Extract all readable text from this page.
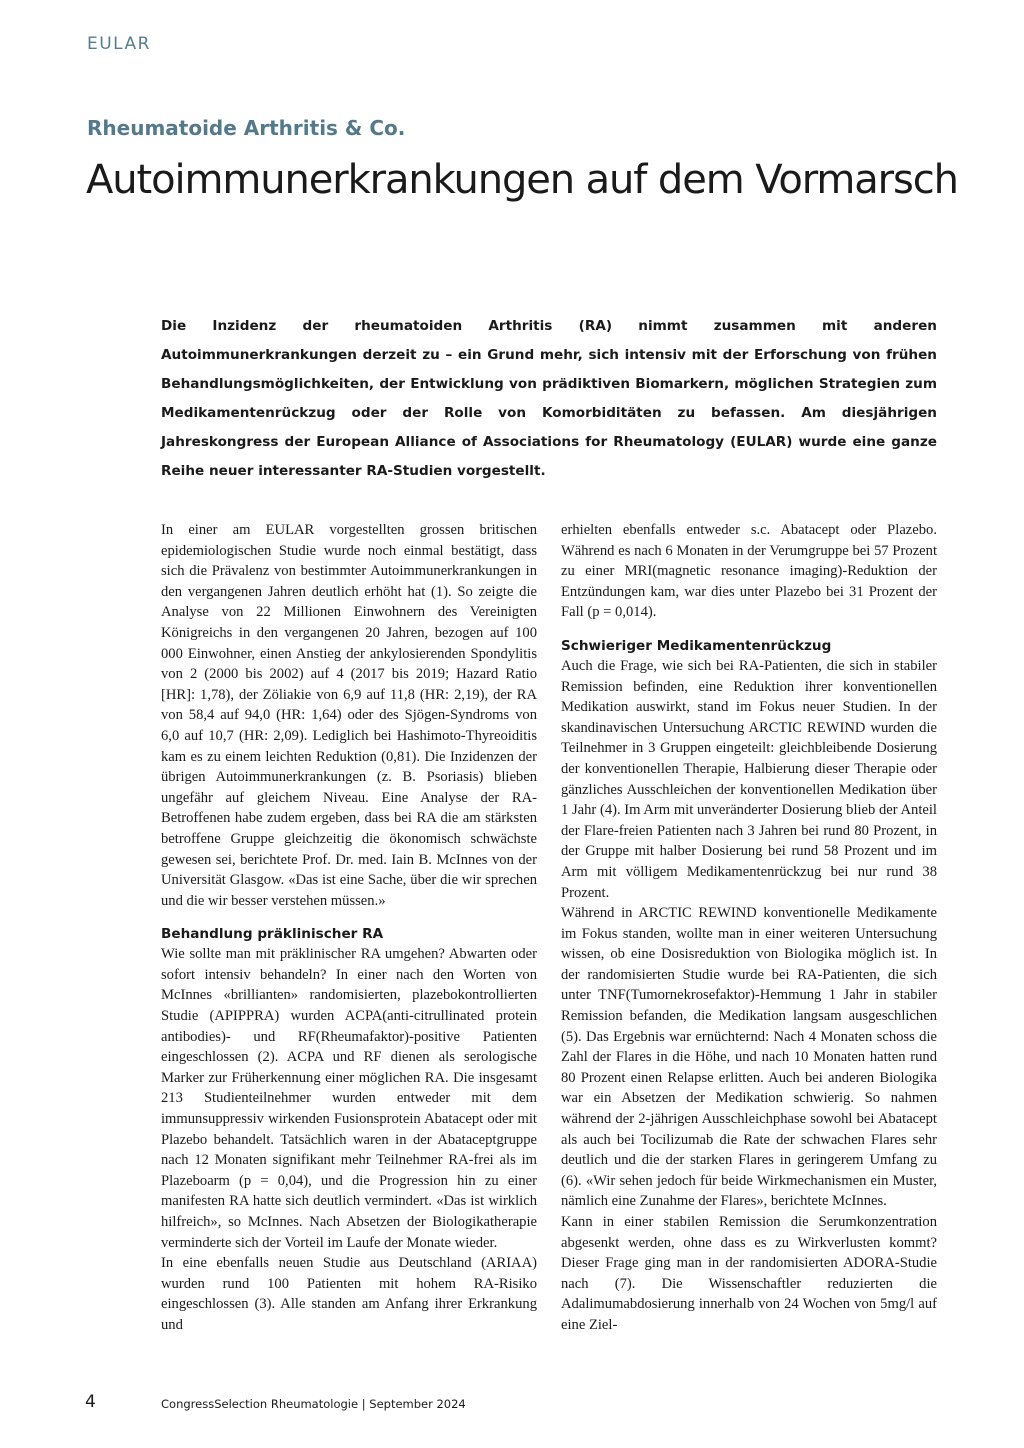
EULAR
Rheumatoide Arthritis & Co.
Autoimmunerkrankungen auf dem Vormarsch

Die Inzidenz der rheumatoiden Arthritis (RA) nimmt zusammen mit anderen Autoimmunerkrankungen derzeit zu – ein Grund mehr, sich intensiv mit der Erforschung von frühen Behandlungsmöglichkeiten, der Entwicklung von prädiktiven Biomarkern, möglichen Strategien zum Medikamentenrückzug oder der Rolle von Komorbiditäten zu befassen. Am diesjährigen Jahreskongress der European Alliance of Associations for Rheumatology (EULAR) wurde eine ganze Reihe neuer interessanter RA-Studien vorgestellt.

In einer am EULAR vorgestellten grossen britischen epidemiologischen Studie wurde noch einmal bestätigt, dass sich die Prävalenz von bestimmter Autoimmunerkrankungen in den vergangenen Jahren deutlich erhöht hat (1). So zeigte die Analyse von 22 Millionen Einwohnern des Vereinigten Königreichs in den vergangenen 20 Jahren, bezogen auf 100 000 Einwohner, einen Anstieg der ankylosierenden Spondylitis von 2 (2000 bis 2002) auf 4 (2017 bis 2019; Hazard Ratio [HR]: 1,78), der Zöliakie von 6,9 auf 11,8 (HR: 2,19), der RA von 58,4 auf 94,0 (HR: 1,64) oder des Sjögen-Syndroms von 6,0 auf 10,7 (HR: 2,09). Lediglich bei Hashimoto-Thyreoiditis kam es zu einem leichten Reduktion (0,81). Die Inzidenzen der übrigen Autoimmunerkrankungen (z. B. Psoriasis) blieben ungefähr auf gleichem Niveau. Eine Analyse der RA-Betroffenen habe zudem ergeben, dass bei RA die am stärksten betroffene Gruppe gleichzeitig die ökonomisch schwächste gewesen sei, berichtete Prof. Dr. med. Iain B. McInnes von der Universität Glasgow. «Das ist eine Sache, über die wir sprechen und die wir besser verstehen müssen.»

Behandlung präklinischer RA

Wie sollte man mit präklinischer RA umgehen? Abwarten oder sofort intensiv behandeln? In einer nach den Worten von McInnes «brillianten» randomisierten, plazebokontrollierten Studie (APIPPRA) wurden ACPA(anti-citrullinated protein antibodies)- und RF(Rheumafaktor)-positive Patienten eingeschlossen (2). ACPA und RF dienen als serologische Marker zur Früherkennung einer möglichen RA. Die insgesamt 213 Studienteilnehmer wurden entweder mit dem immunsuppressiv wirkenden Fusionsprotein Abatacept oder mit Plazebo behandelt. Tatsächlich waren in der Abataceptgruppe nach 12 Monaten signifikant mehr Teilnehmer RA-frei als im Plazeboarm (p = 0,04), und die Progression hin zu einer manifesten RA hatte sich deutlich vermindert. «Das ist wirklich hilfreich», so McInnes. Nach Absetzen der Biologikatherapie verminderte sich der Vorteil im Laufe der Monate wieder.

In eine ebenfalls neuen Studie aus Deutschland (ARIAA) wurden rund 100 Patienten mit hohem RA-Risiko eingeschlossen (3). Alle standen am Anfang ihrer Erkrankung und

erhielten ebenfalls entweder s.c. Abatacept oder Plazebo. Während es nach 6 Monaten in der Verumgruppe bei 57 Prozent zu einer MRI(magnetic resonance imaging)-Reduktion der Entzündungen kam, war dies unter Plazebo bei 31 Prozent der Fall (p = 0,014).

Schwieriger Medikamentenrückzug

Auch die Frage, wie sich bei RA-Patienten, die sich in stabiler Remission befinden, eine Reduktion ihrer konventionellen Medikation auswirkt, stand im Fokus neuer Studien. In der skandinavischen Untersuchung ARCTIC REWIND wurden die Teilnehmer in 3 Gruppen eingeteilt: gleichbleibende Dosierung der konventionellen Therapie, Halbierung dieser Therapie oder gänzliches Ausschleichen der konventionellen Medikation über 1 Jahr (4). Im Arm mit unveränderter Dosierung blieb der Anteil der Flare-freien Patienten nach 3 Jahren bei rund 80 Prozent, in der Gruppe mit halber Dosierung bei rund 58 Prozent und im Arm mit völligem Medikamentenrückzug bei nur rund 38 Prozent.

Während in ARCTIC REWIND konventionelle Medikamente im Fokus standen, wollte man in einer weiteren Untersuchung wissen, ob eine Dosisreduktion von Biologika möglich ist. In der randomisierten Studie wurde bei RA-Patienten, die sich unter TNF(Tumornekrosefaktor)-Hemmung 1 Jahr in stabiler Remission befanden, die Medikation langsam ausgeschlichen (5). Das Ergebnis war ernüchternd: Nach 4 Monaten schoss die Zahl der Flares in die Höhe, und nach 10 Monaten hatten rund 80 Prozent einen Relapse erlitten. Auch bei anderen Biologika war ein Absetzen der Medikation schwierig. So nahmen während der 2-jährigen Ausschleichphase sowohl bei Abatacept als auch bei Tocilizumab die Rate der schwachen Flares sehr deutlich und die der starken Flares in geringerem Umfang zu (6). «Wir sehen jedoch für beide Wirkmechanismen ein Muster, nämlich eine Zunahme der Flares», berichtete McInnes.

Kann in einer stabilen Remission die Serumkonzentration abgesenkt werden, ohne dass es zu Wirkverlusten kommt? Dieser Frage ging man in der randomisierten ADORA-Studie nach (7). Die Wissenschaftler reduzierten die Adalimumabdosierung innerhalb von 24 Wochen von 5mg/l auf eine Ziel-

4	CongressSelection Rheumatologie | September 2024
